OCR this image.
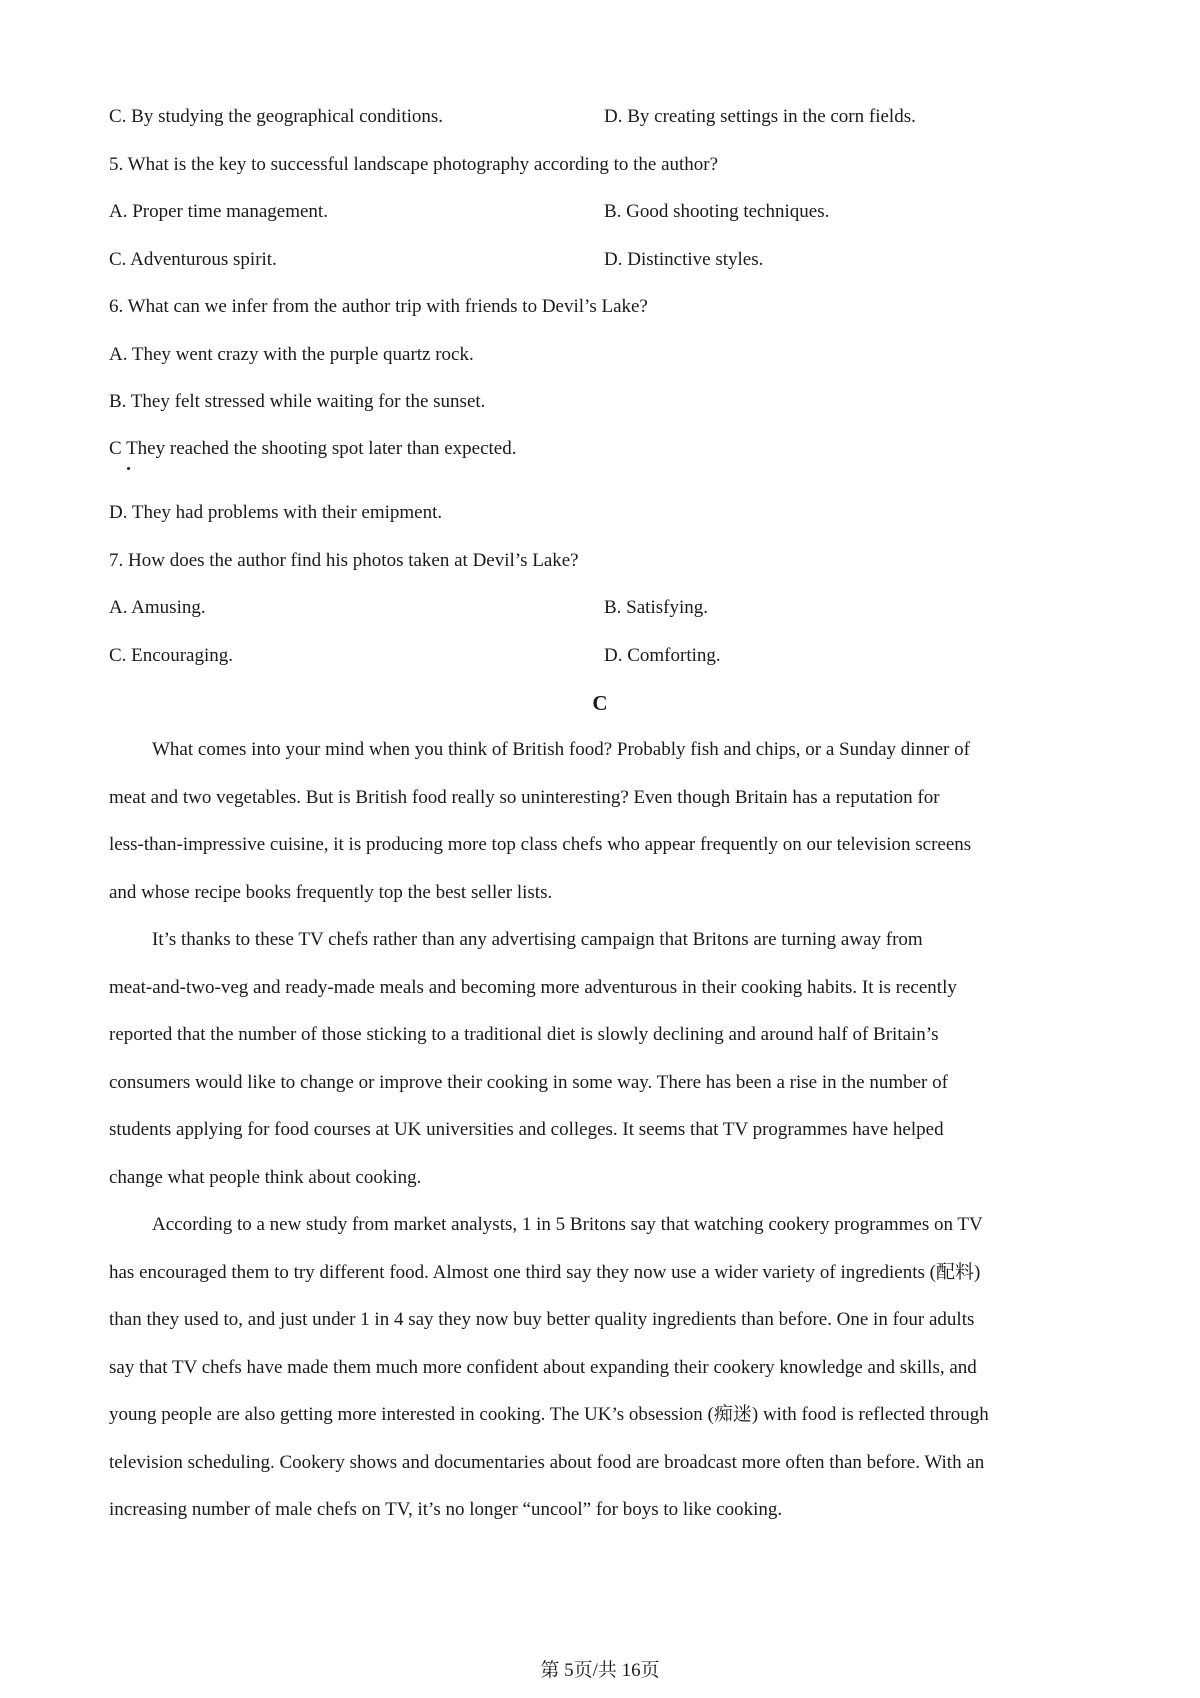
C. By studying the geographical conditions.	D. By creating settings in the corn fields.
5. What is the key to successful landscape photography according to the author?
A. Proper time management.	B. Good shooting techniques.
C. Adventurous spirit.	D. Distinctive styles.
6. What can we infer from the author trip with friends to Devil’s Lake?
A. They went crazy with the purple quartz rock.
B. They felt stressed while waiting for the sunset.
C They reached the shooting spot later than expected.
D. They had problems with their emipment.
7. How does the author find his photos taken at Devil’s Lake?
A. Amusing.	B. Satisfying.
C. Encouraging.	D. Comforting.
C
What comes into your mind when you think of British food? Probably fish and chips, or a Sunday dinner of
meat and two vegetables. But is British food really so uninteresting? Even though Britain has a reputation for
less-than-impressive cuisine, it is producing more top class chefs who appear frequently on our television screens
and whose recipe books frequently top the best seller lists.
It’s thanks to these TV chefs rather than any advertising campaign that Britons are turning away from
meat-and-two-veg and ready-made meals and becoming more adventurous in their cooking habits. It is recently
reported that the number of those sticking to a traditional diet is slowly declining and around half of Britain’s
consumers would like to change or improve their cooking in some way. There has been a rise in the number of
students applying for food courses at UK universities and colleges. It seems that TV programmes have helped
change what people think about cooking.
According to a new study from market analysts, 1 in 5 Britons say that watching cookery programmes on TV
has encouraged them to try different food. Almost one third say they now use a wider variety of ingredients (配料)
than they used to, and just under 1 in 4 say they now buy better quality ingredients than before. One in four adults
say that TV chefs have made them much more confident about expanding their cookery knowledge and skills, and
young people are also getting more interested in cooking. The UK’s obsession (痴迷) with food is reflected through
television scheduling. Cookery shows and documentaries about food are broadcast more often than before. With an
increasing number of male chefs on TV, it’s no longer “uncool” for boys to like cooking.
第 5页/共 16页
